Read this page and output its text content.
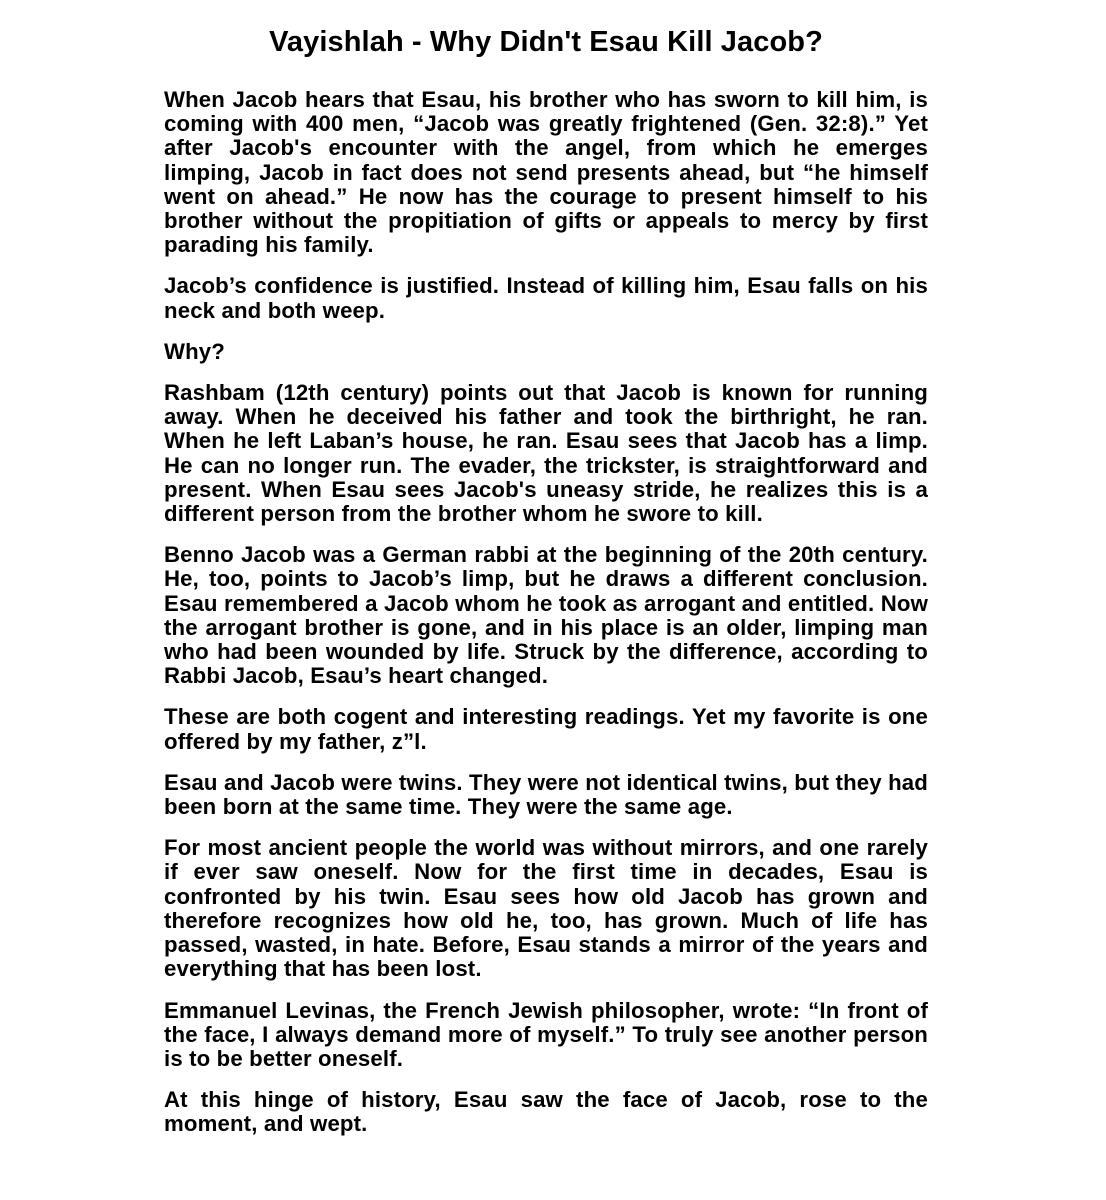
Vayishlah - Why Didn't Esau Kill Jacob?

When Jacob hears that Esau, his brother who has sworn to kill him, is coming with 400 men, “Jacob was greatly frightened (Gen. 32:8).” Yet after Jacob's encounter with the angel, from which he emerges limping, Jacob in fact does not send presents ahead, but “he himself went on ahead.” He now has the courage to present himself to his brother without the propitiation of gifts or appeals to mercy by first parading his family.

Jacob’s confidence is justified. Instead of killing him, Esau falls on his neck and both weep.

Why?

Rashbam (12th century) points out that Jacob is known for running away. When he deceived his father and took the birthright, he ran. When he left Laban’s house, he ran. Esau sees that Jacob has a limp. He can no longer run. The evader, the trickster, is straightforward and present. When Esau sees Jacob's uneasy stride, he realizes this is a different person from the brother whom he swore to kill.

Benno Jacob was a German rabbi at the beginning of the 20th century. He, too, points to Jacob’s limp, but he draws a different conclusion. Esau remembered a Jacob whom he took as arrogant and entitled. Now the arrogant brother is gone, and in his place is an older, limping man who had been wounded by life. Struck by the difference, according to Rabbi Jacob, Esau’s heart changed.

These are both cogent and interesting readings. Yet my favorite is one offered by my father, z”l.

Esau and Jacob were twins. They were not identical twins, but they had been born at the same time. They were the same age.

For most ancient people the world was without mirrors, and one rarely if ever saw oneself. Now for the first time in decades, Esau is confronted by his twin. Esau sees how old Jacob has grown and therefore recognizes how old he, too, has grown. Much of life has passed, wasted, in hate. Before, Esau stands a mirror of the years and everything that has been lost.

Emmanuel Levinas, the French Jewish philosopher, wrote: “In front of the face, I always demand more of myself.” To truly see another person is to be better oneself.

At this hinge of history, Esau saw the face of Jacob, rose to the moment, and wept.
